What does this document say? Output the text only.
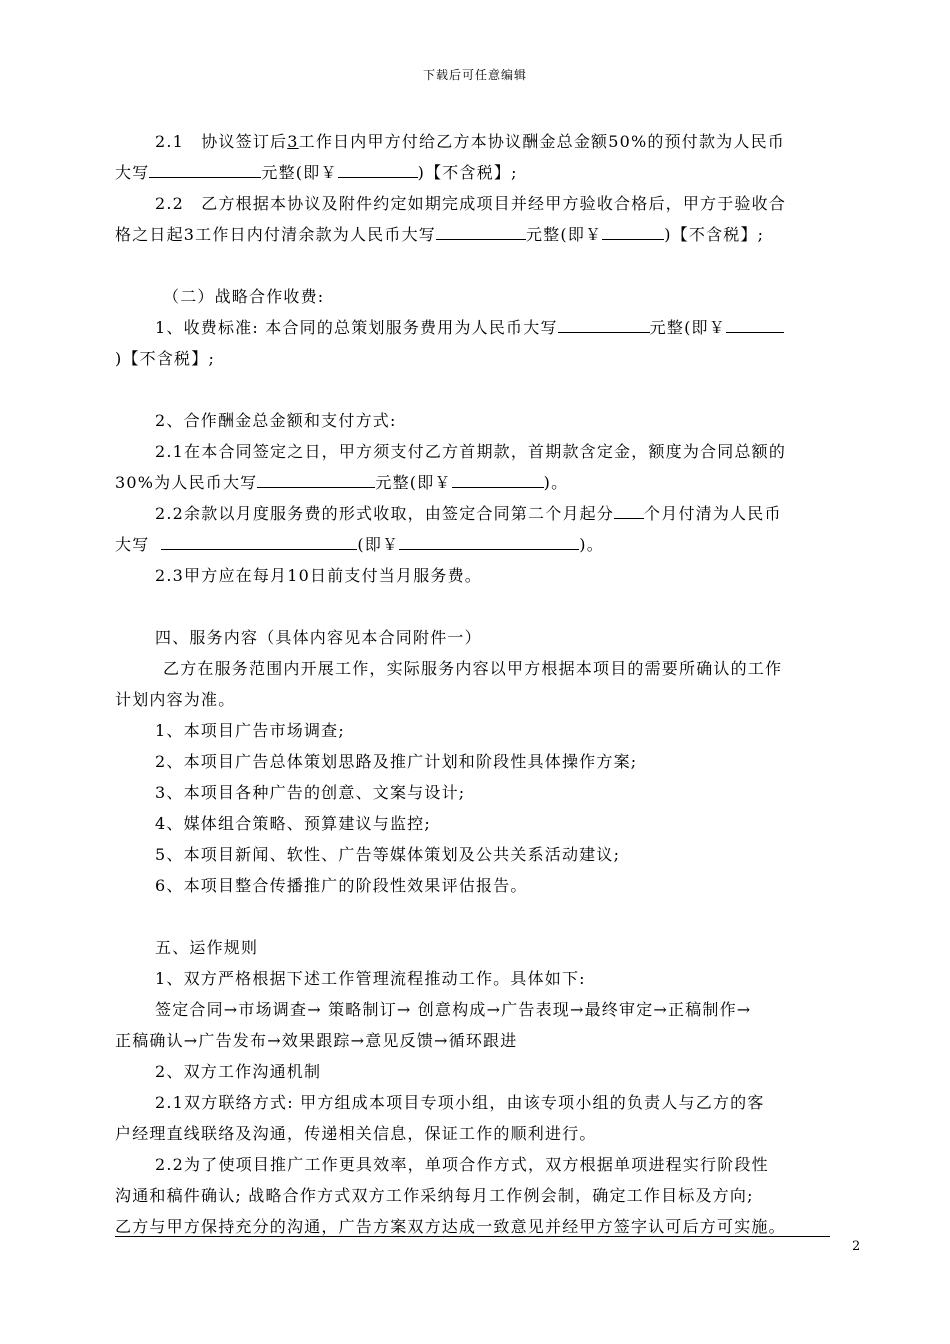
下载后可任意编辑

2.1　协议签订后3工作日内甲方付给乙方本协议酬金总金额50%的预付款为人民币

大写	元整(即￥	)【不含税】;

2.2　乙方根据本协议及附件约定如期完成项目并经甲方验收合格后，甲方于验收合

格之日起3工作日内付清余款为人民币大写	元整(即￥	)【不含税】;

（二）战略合作收费:

1、收费标准: 本合同的总策划服务费用为人民币大写	元整(即￥

)【不含税】;

2、合作酬金总金额和支付方式:

2.1在本合同签定之日，甲方须支付乙方首期款，首期款含定金，额度为合同总额的

30%为人民币大写	元整(即￥	)。

2.2余款以月度服务费的形式收取，由签定合同第二个月起分 个月付清为人民币

大写	(即￥	)。

2.3甲方应在每月10日前支付当月服务费。

四、服务内容（具体内容见本合同附件一）

乙方在服务范围内开展工作，实际服务内容以甲方根据本项目的需要所确认的工作

计划内容为准。

1、本项目广告市场调查;

2、本项目广告总体策划思路及推广计划和阶段性具体操作方案;

3、本项目各种广告的创意、文案与设计;

4、媒体组合策略、预算建议与监控;

5、本项目新闻、软性、广告等媒体策划及公共关系活动建议;

6、本项目整合传播推广的阶段性效果评估报告。

五、运作规则

1、双方严格根据下述工作管理流程推动工作。具体如下:

签定合同→市场调查→ 策略制订→ 创意构成→广告表现→最终审定→正稿制作→

正稿确认→广告发布→效果跟踪→意见反馈→循环跟进

2、双方工作沟通机制

2.1双方联络方式: 甲方组成本项目专项小组，由该专项小组的负责人与乙方的客

户经理直线联络及沟通，传递相关信息，保证工作的顺利进行。

2.2为了使项目推广工作更具效率，单项合作方式，双方根据单项进程实行阶段性

沟通和稿件确认; 战略合作方式双方工作采纳每月工作例会制，确定工作目标及方向;

乙方与甲方保持充分的沟通，广告方案双方达成一致意见并经甲方签字认可后方可实施。

2
